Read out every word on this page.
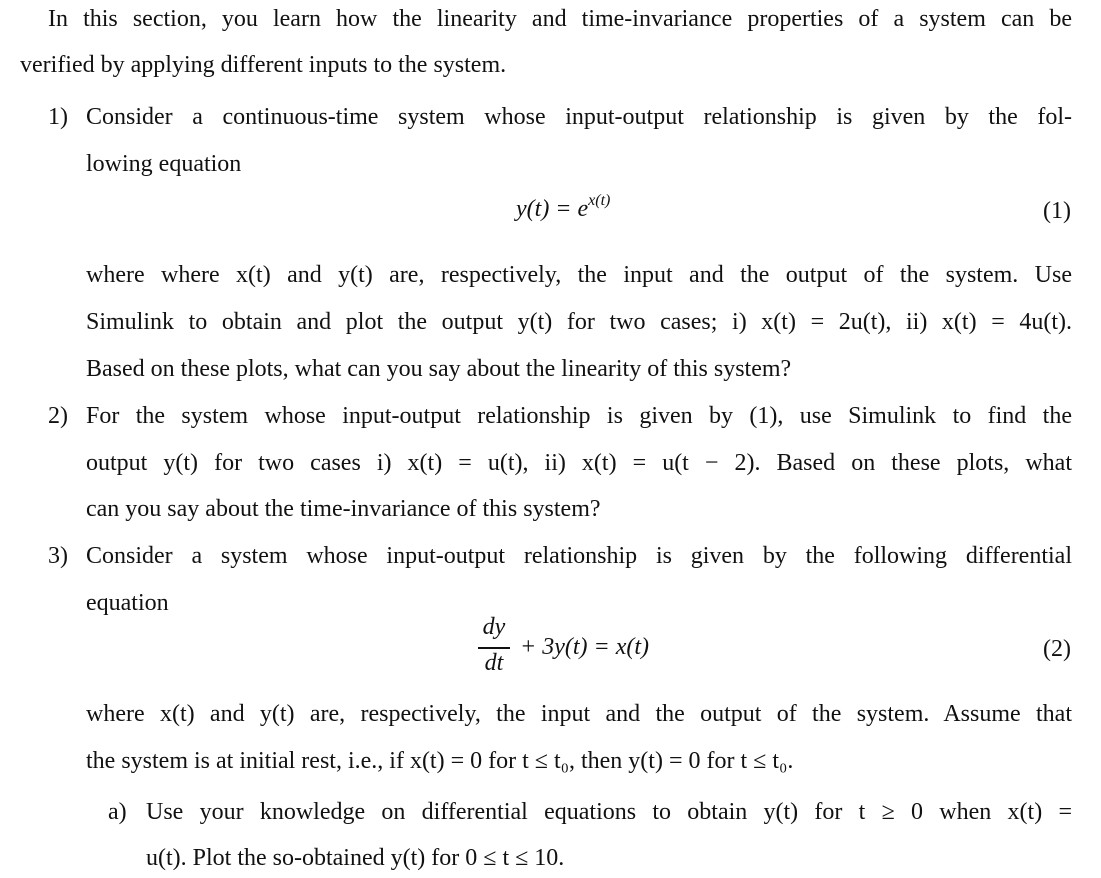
In this section, you learn how the linearity and time-invariance properties of a system can be
verified by applying different inputs to the system.
1) Consider a continuous-time system whose input-output relationship is given by the fol-
lowing equation
$y(t) = e^{x(t)}$	(1)
where where x(t) and y(t) are, respectively, the input and the output of the system. Use
Simulink to obtain and plot the output y(t) for two cases; i) x(t) = 2u(t), ii) x(t) = 4u(t).
Based on these plots, what can you say about the linearity of this system?
2) For the system whose input-output relationship is given by (1), use Simulink to find the
output y(t) for two cases i) x(t) = u(t), ii) x(t) = u(t − 2). Based on these plots, what
can you say about the time-invariance of this system?
3) Consider a system whose input-output relationship is given by the following differential
equation
dy
dt
+ 3y(t) = x(t)	(2)
where x(t) and y(t) are, respectively, the input and the output of the system. Assume that
the system is at initial rest, i.e., if x(t) = 0 for t ≤ t₀, then y(t) = 0 for t ≤ t₀.
a) Use your knowledge on differential equations to obtain y(t) for t ≥ 0 when x(t) =
u(t). Plot the so-obtained y(t) for 0 ≤ t ≤ 10.
